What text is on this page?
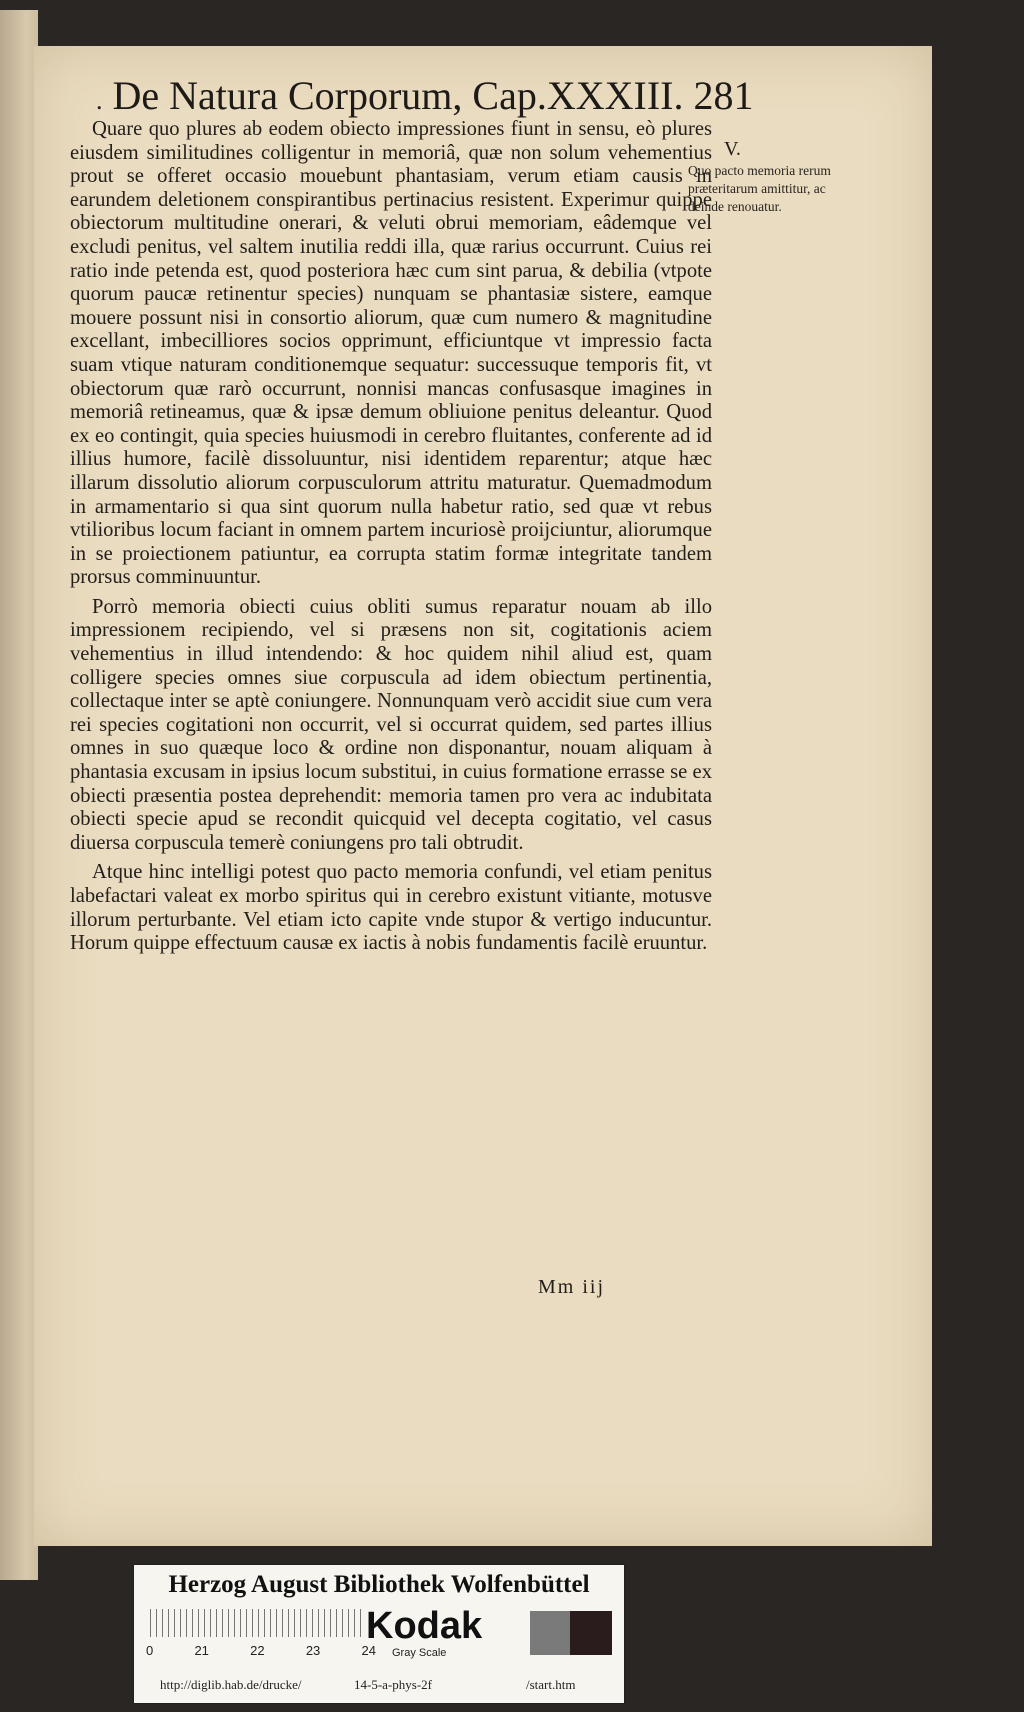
. De Natura Corporum, Cap.XXXIII. 281
V.
Quo pacto memoria rerum præteritarum amittitur, ac deinde renouatur.

Quare quo plures ab eodem obiecto impressiones fiunt in sensu, eò plures eiusdem similitudines colligentur in memoriâ, quæ non solum vehementius prout se offeret occasio mouebunt phantasiam, verum etiam causis in earundem deletionem conspirantibus pertinacius resistent. Experimur quippe obiectorum multitudine onerari, & veluti obrui memoriam, eâdemque vel excludi penitus, vel saltem inutilia reddi illa, quæ rarius occurrunt. Cuius rei ratio inde petenda est, quod posteriora hæc cum sint parua, & debilia (vtpote quorum paucæ retinentur species) nunquam se phantasiæ sistere, eamque mouere possunt nisi in consortio aliorum, quæ cum numero & magnitudine excellant, imbecilliores socios opprimunt, efficiuntque vt impressio facta suam vtique naturam conditionemque sequatur: successuque temporis fit, vt obiectorum quæ rarò occurrunt, nonnisi mancas confusasque imagines in memoriâ retineamus, quæ & ipsæ demum obliuione penitus deleantur. Quod ex eo contingit, quia species huiusmodi in cerebro fluitantes, conferente ad id illius humore, facilè dissoluuntur, nisi identidem reparentur; atque hæc illarum dissolutio aliorum corpusculorum attritu maturatur. Quemadmodum in armamentario si qua sint quorum nulla habetur ratio, sed quæ vt rebus vtilioribus locum faciant in omnem partem incuriosè proijciuntur, aliorumque in se proiectionem patiuntur, ea corrupta statim formæ integritate tandem prorsus comminuuntur.

Porrò memoria obiecti cuius obliti sumus reparatur nouam ab illo impressionem recipiendo, vel si præsens non sit, cogitationis aciem vehementius in illud intendendo: & hoc quidem nihil aliud est, quam colligere species omnes siue corpuscula ad idem obiectum pertinentia, collectaque inter se aptè coniungere. Nonnunquam verò accidit siue cum vera rei species cogitationi non occurrit, vel si occurrat quidem, sed partes illius omnes in suo quæque loco & ordine non disponantur, nouam aliquam à phantasia excusam in ipsius locum substitui, in cuius formatione errasse se ex obiecti præsentia postea deprehendit: memoria tamen pro vera ac indubitata obiecti specie apud se recondit quicquid vel decepta cogitatio, vel casus diuersa corpuscula temerè coniungens pro tali obtrudit.

Atque hinc intelligi potest quo pacto memoria confundi, vel etiam penitus labefactari valeat ex morbo spiritus qui in cerebro existunt vitiante, motusve illorum perturbante. Vel etiam icto capite vnde stupor & vertigo inducuntur. Horum quippe effectuum causæ ex iactis à nobis fundamentis facilè eruuntur.

Mm iij
Herzog August Bibliothek Wolfenbüttel
0	21	22	23	24
Kodak
Gray Scale
http://diglib.hab.de/drucke/	14-5-a-phys-2f	/start.htm
